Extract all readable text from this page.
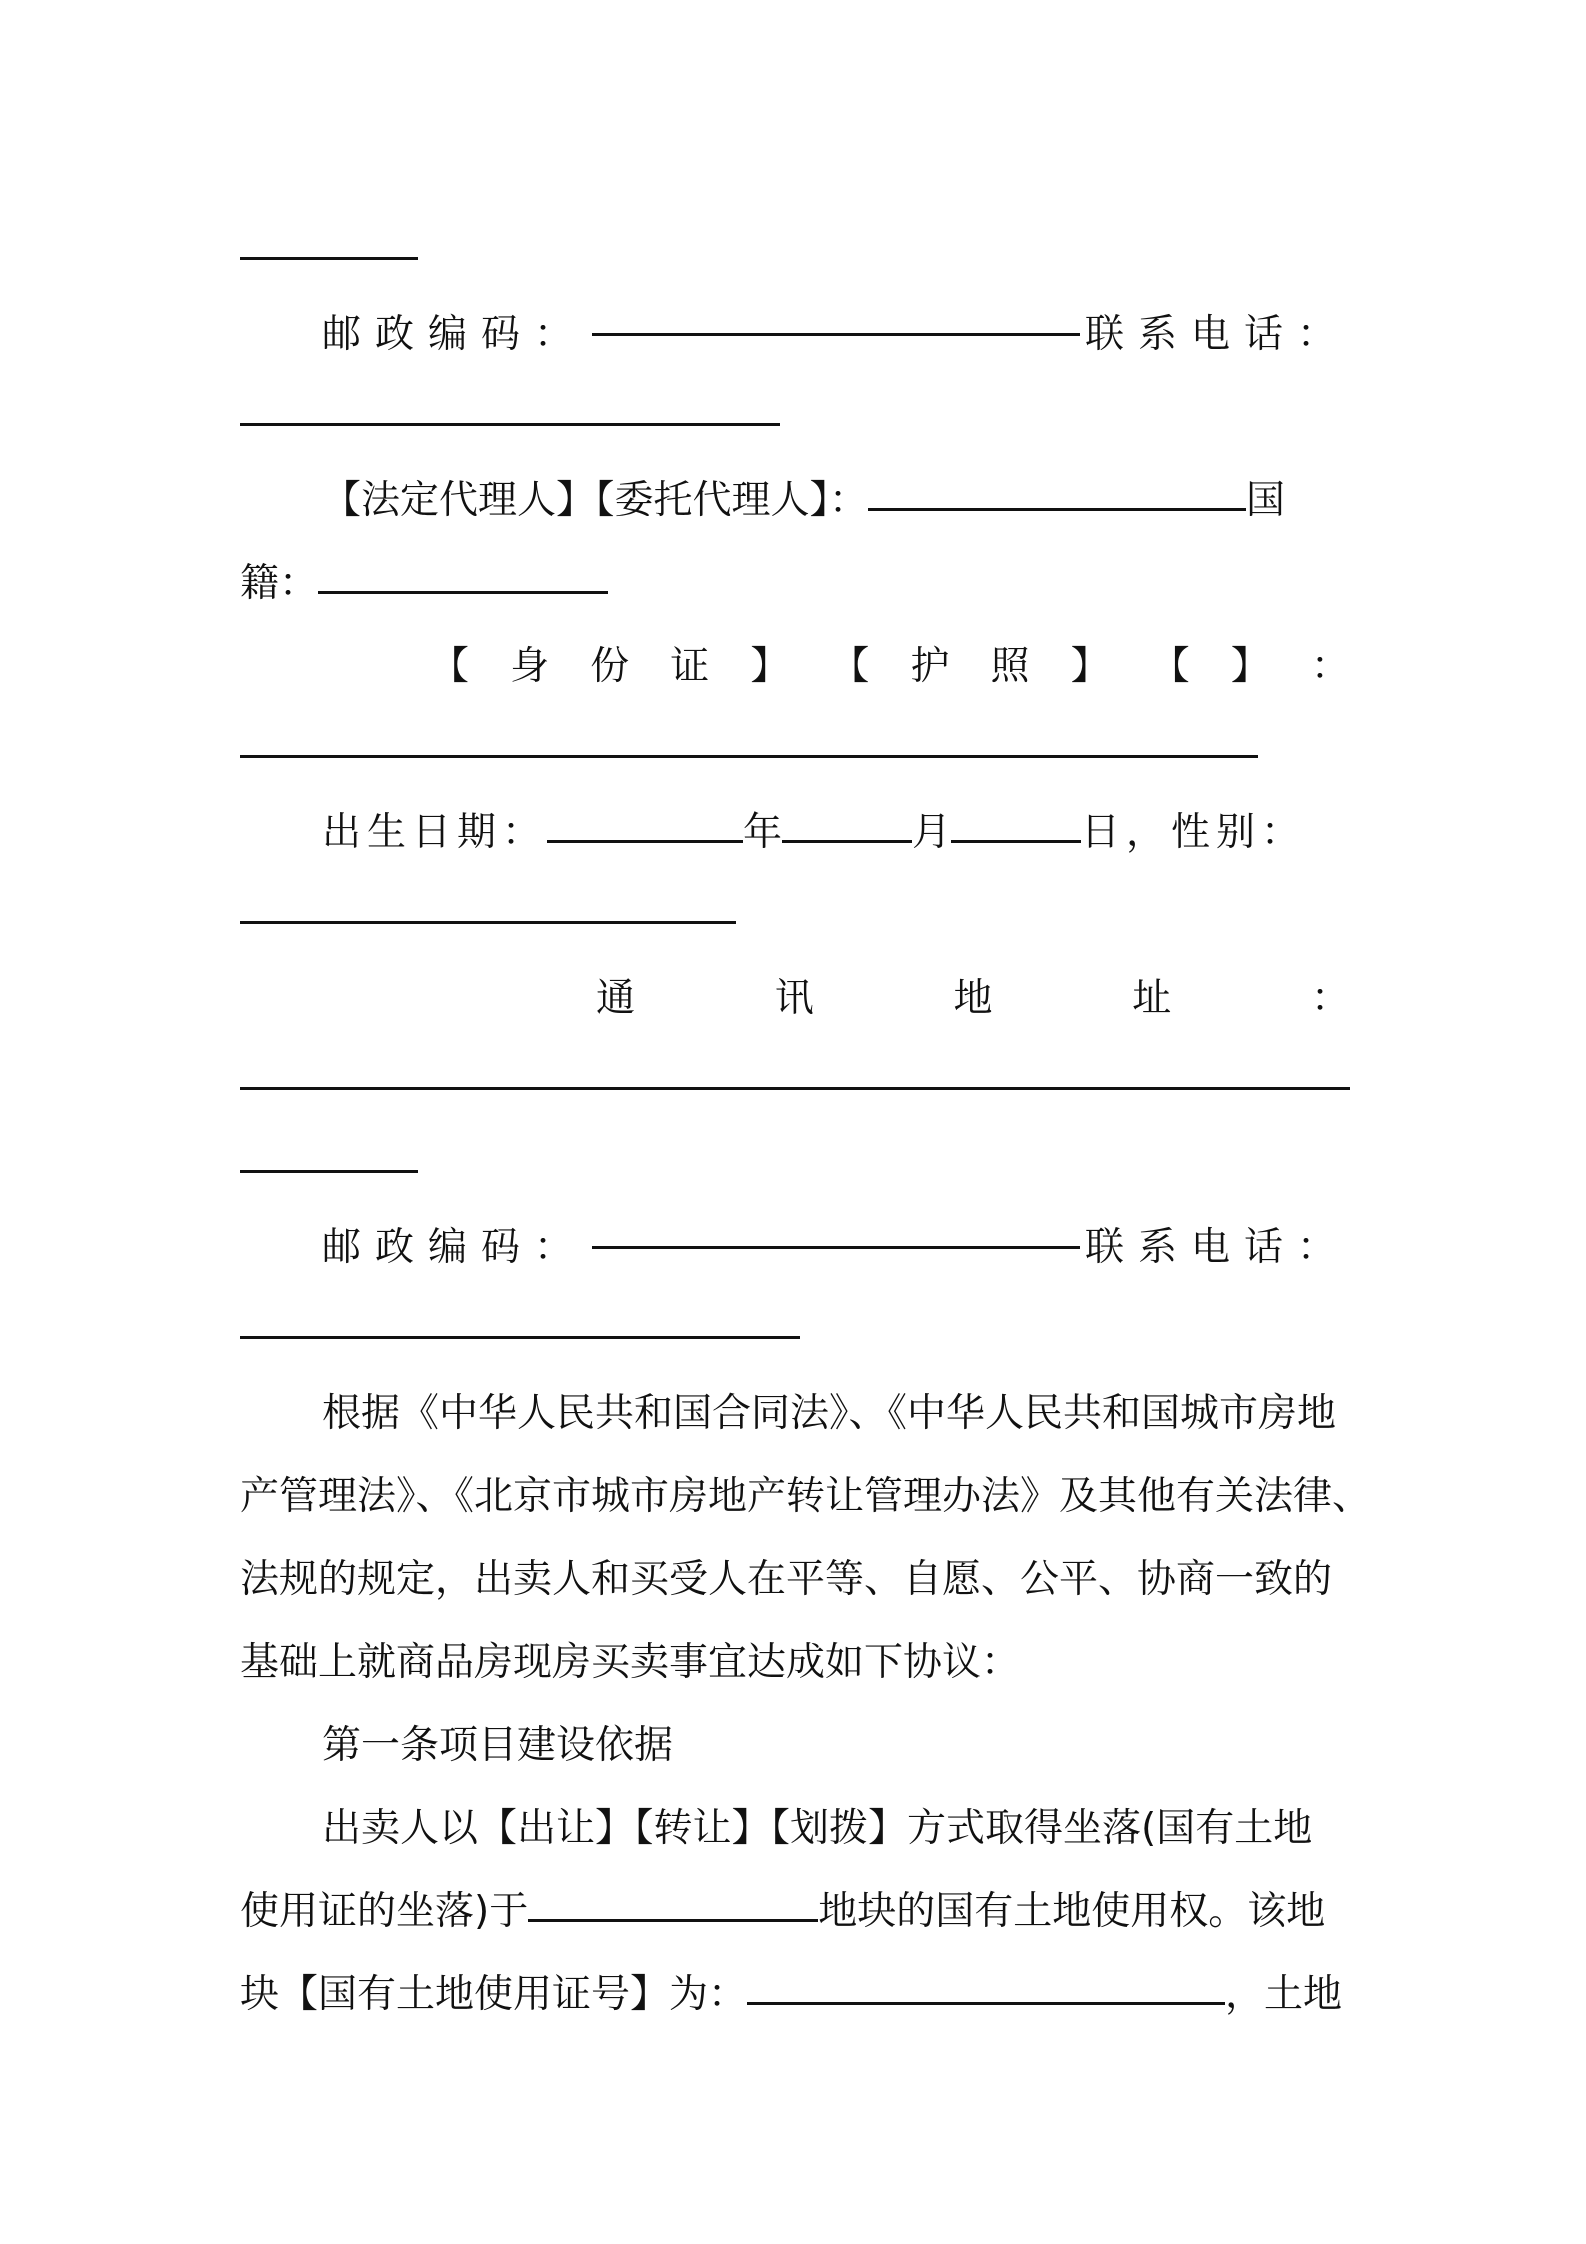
邮政编码：	联系电话：
【法定代理人】【委托代理人】：	国
籍：
【 身 份 证 】 【 护 照 】 【 】 ：
出生日期：	年	月	日，性别：
通	讯	地	址	：
邮政编码：	联系电话：
根据《中华人民共和国合同法》、《中华人民共和国城市房地
产管理法》、《北京市城市房地产转让管理办法》及其他有关法律、
法规的规定，出卖人和买受人在平等、自愿、公平、协商一致的
基础上就商品房现房买卖事宜达成如下协议：
第一条项目建设依据
出卖人以【出让】【转让】【划拨】方式取得坐落(国有土地
使用证的坐落)于	地块的国有土地使用权。该地
块【国有土地使用证号】为：	，土地
